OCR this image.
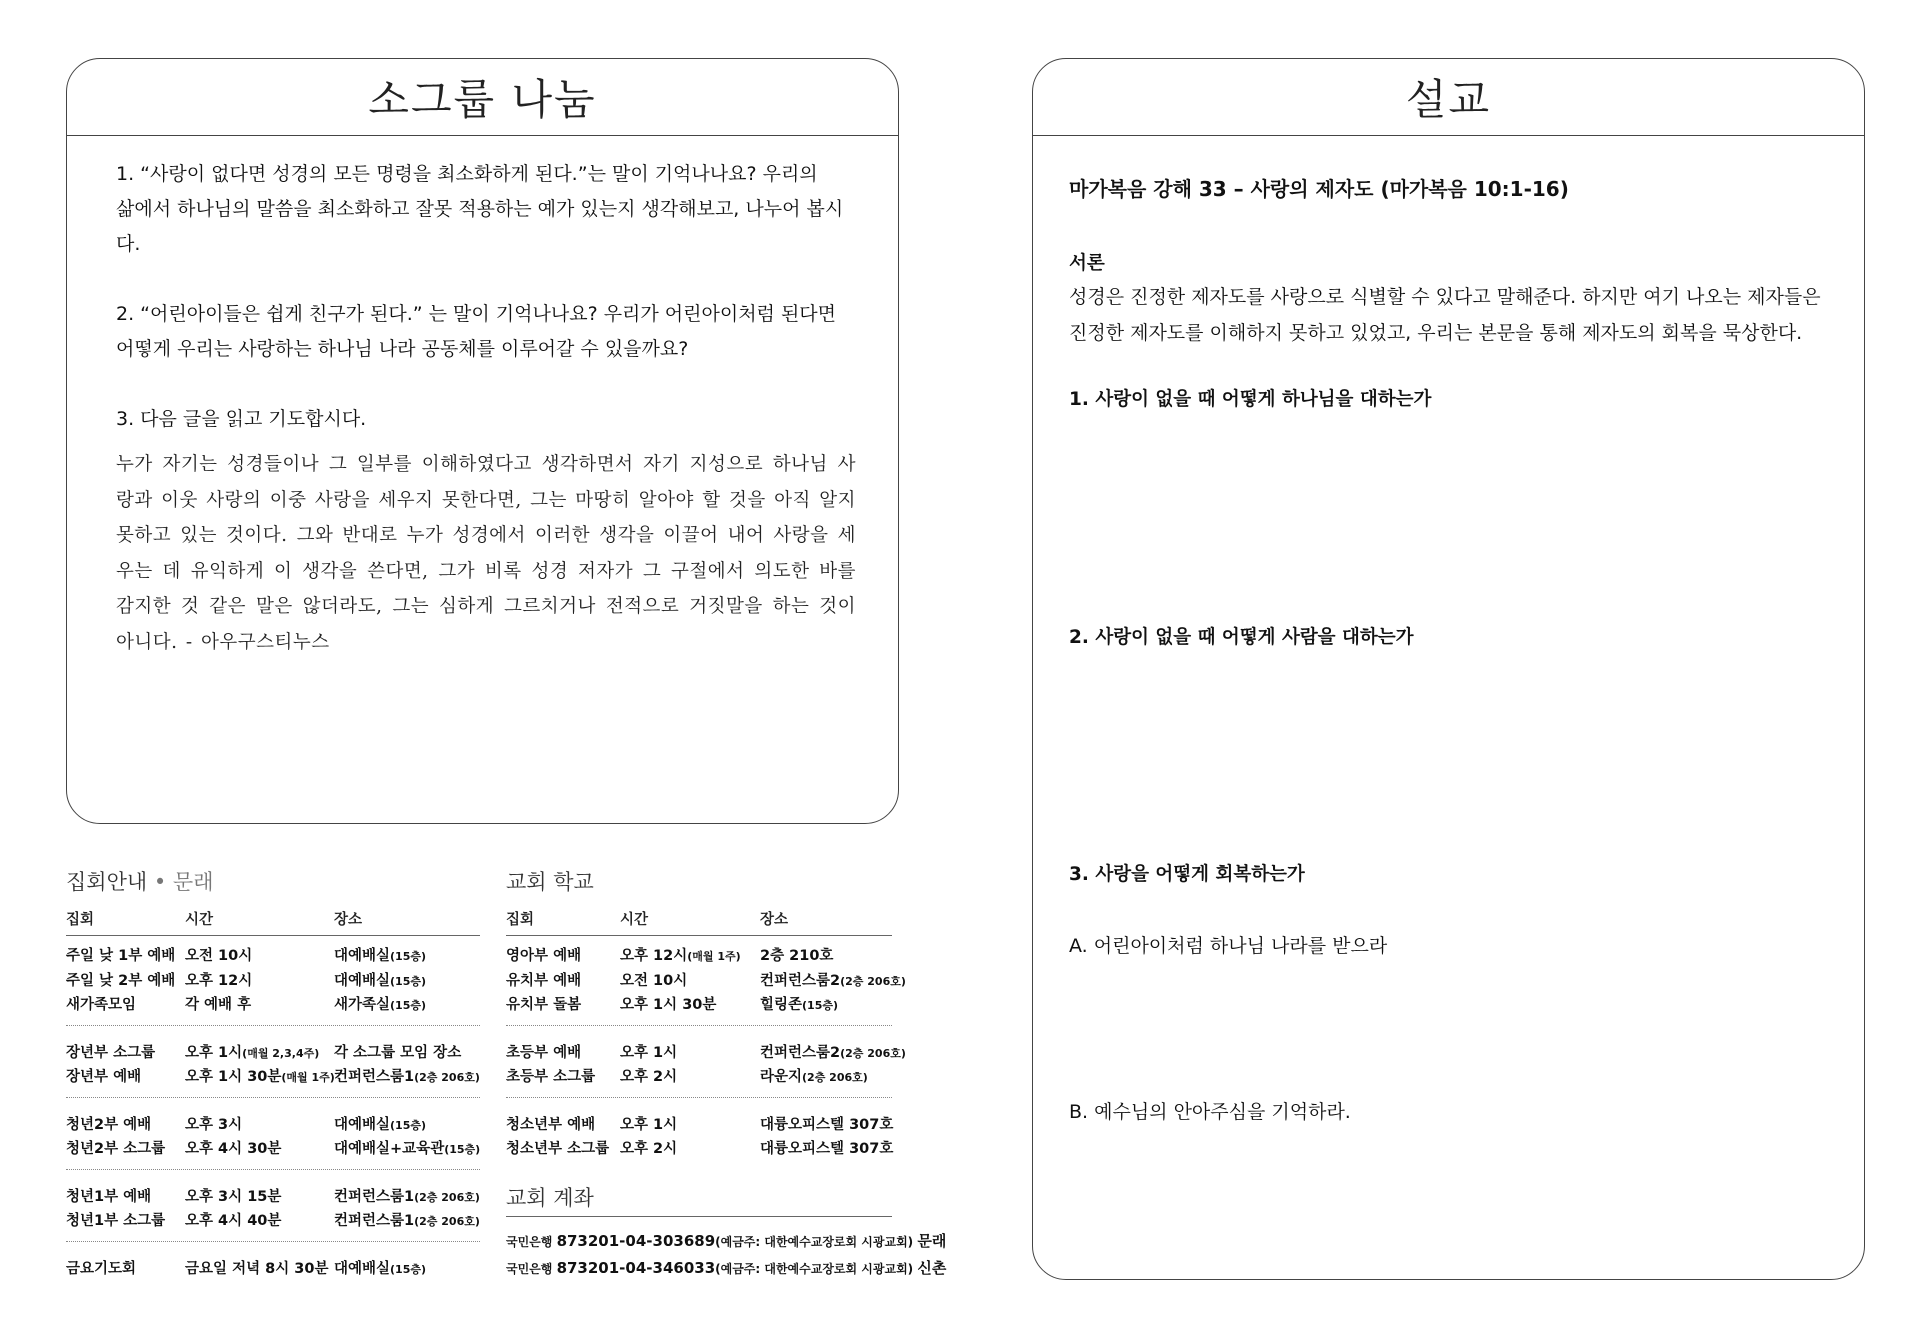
소그룹 나눔

1. “사랑이 없다면 성경의 모든 명령을 최소화하게 된다.”는 말이 기억나나요? 우리의
삶에서 하나님의 말씀을 최소화하고 잘못 적용하는 예가 있는지 생각해보고, 나누어 봅시다.

2. “어린아이들은 쉽게 친구가 된다.” 는 말이 기억나나요? 우리가 어린아이처럼 된다면
어떻게 우리는 사랑하는 하나님 나라 공동체를 이루어갈 수 있을까요?

3. 다음 글을 읽고 기도합시다.

누가 자기는 성경들이나 그 일부를 이해하였다고 생각하면서 자기 지성으로 하나님 사랑과 이웃 사랑의 이중 사랑을 세우지 못한다면, 그는 마땅히 알아야 할 것을 아직 알지 못하고 있는 것이다. 그와 반대로 누가 성경에서 이러한 생각을 이끌어 내어 사랑을 세우는 데 유익하게 이 생각을 쓴다면, 그가 비록 성경 저자가 그 구절에서 의도한 바를 감지한 것 같은 말은 않더라도, 그는 심하게 그르치거나 전적으로 거짓말을 하는 것이 아니다. - 아우구스티누스
설교
마가복음 강해 33 – 사랑의 제자도 (마가복음 10:1-16)
서론
성경은 진정한 제자도를 사랑으로 식별할 수 있다고 말해준다. 하지만 여기 나오는 제자들은
진정한 제자도를 이해하지 못하고 있었고, 우리는 본문을 통해 제자도의 회복을 묵상한다.
1. 사랑이 없을 때 어떻게 하나님을 대하는가
2. 사랑이 없을 때 어떻게 사람을 대하는가
3. 사랑을 어떻게 회복하는가
A. 어린아이처럼 하나님 나라를 받으라
B. 예수님의 안아주심을 기억하라.
집회안내 • 문래
집회	시간	장소
주일 낮 1부 예배 오전 10시	대예배실(15층)
주일 낮 2부 예배 오후 12시	대예배실(15층)
새가족모임	각 예배 후	새가족실(15층)
장년부 소그룹 오후 1시(매월 2,3,4주) 각 소그룹 모임 장소
장년부 예배	오후 1시 30분(매월 1주) 컨퍼런스룸1(2층 206호)
청년2부 예배 오후 3시	대예배실(15층)
청년2부 소그룹 오후 4시 30분	대예배실+교육관(15층)
청년1부 예배 오후 3시 15분	컨퍼런스룸1(2층 206호)
청년1부 소그룹 오후 4시 40분	컨퍼런스룸1(2층 206호)
금요기도회	금요일 저녁 8시 30분 대예배실(15층)
교회 학교
집회	시간	장소
영아부 예배	오후 12시(매월 1주) 2층 210호
유치부 예배	오전 10시	컨퍼런스룸2(2층 206호)
유치부 돌봄	오후 1시 30분	힐링존(15층)
초등부 예배	오후 1시	컨퍼런스룸2(2층 206호)
초등부 소그룹 오후 2시	라운지(2층 206호)
청소년부 예배 오후 1시	대륭오피스텔 307호
청소년부 소그룹 오후 2시	대륭오피스텔 307호
교회 계좌
국민은행 873201-04-303689(예금주: 대한예수교장로회 시광교회) 문래
국민은행 873201-04-346033(예금주: 대한예수교장로회 시광교회) 신촌
